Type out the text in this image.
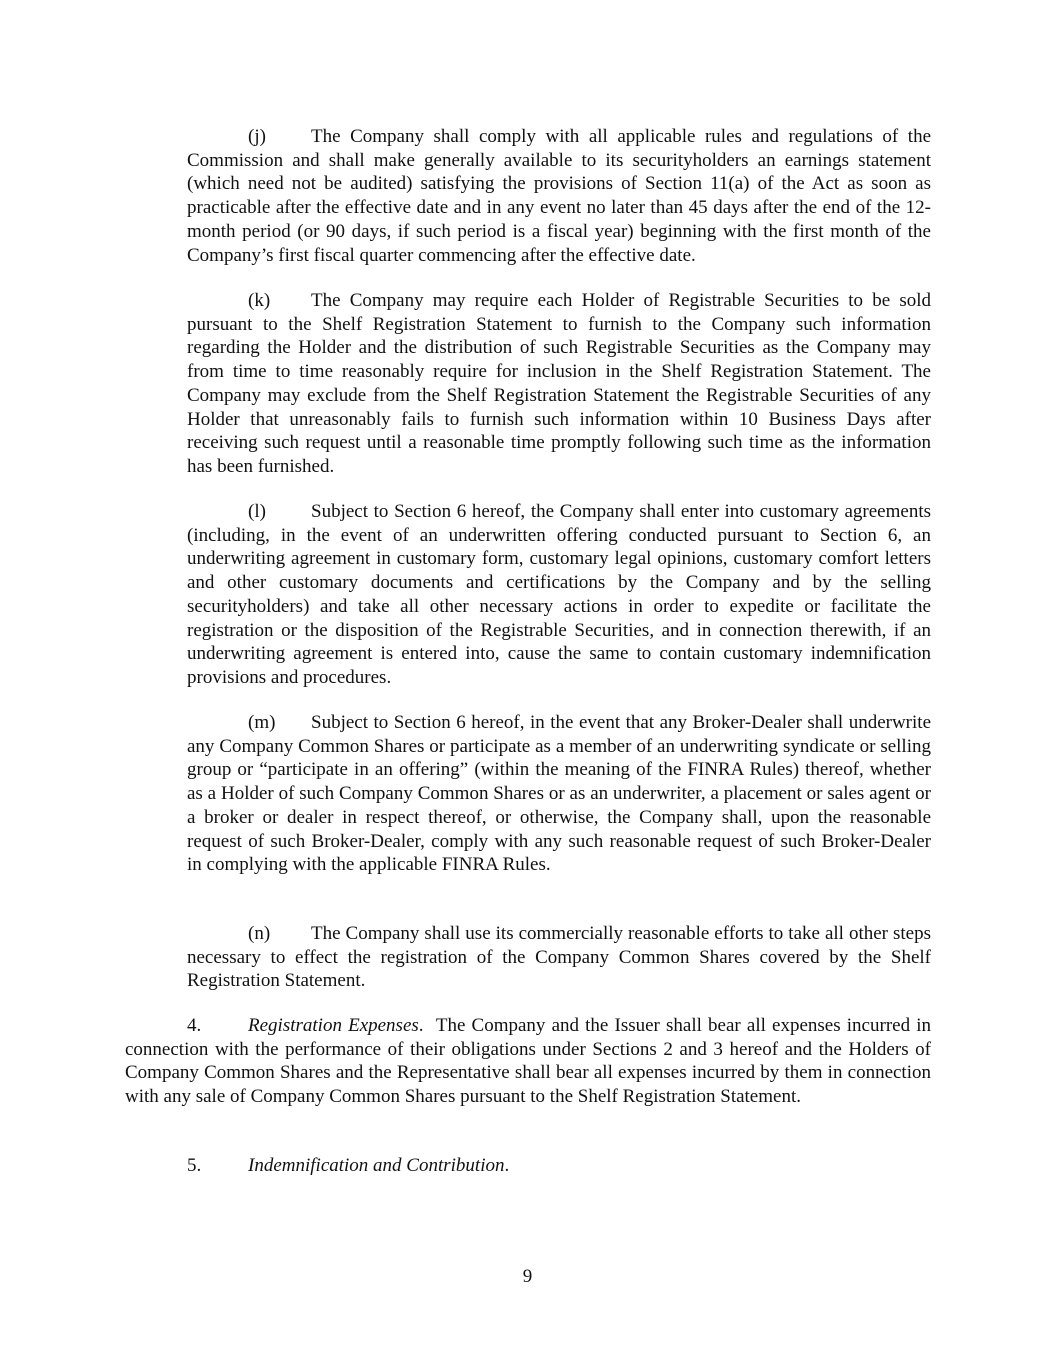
(j) The Company shall comply with all applicable rules and regulations of the Commission and shall make generally available to its securityholders an earnings statement (which need not be audited) satisfying the provisions of Section 11(a) of the Act as soon as practicable after the effective date and in any event no later than 45 days after the end of the 12-month period (or 90 days, if such period is a fiscal year) beginning with the first month of the Company’s first fiscal quarter commencing after the effective date.

(k) The Company may require each Holder of Registrable Securities to be sold pursuant to the Shelf Registration Statement to furnish to the Company such information regarding the Holder and the distribution of such Registrable Securities as the Company may from time to time reasonably require for inclusion in the Shelf Registration Statement. The Company may exclude from the Shelf Registration Statement the Registrable Securities of any Holder that unreasonably fails to furnish such information within 10 Business Days after receiving such request until a reasonable time promptly following such time as the information has been furnished.

(l) Subject to Section 6 hereof, the Company shall enter into customary agreements (including, in the event of an underwritten offering conducted pursuant to Section 6, an underwriting agreement in customary form, customary legal opinions, customary comfort letters and other customary documents and certifications by the Company and by the selling securityholders) and take all other necessary actions in order to expedite or facilitate the registration or the disposition of the Registrable Securities, and in connection therewith, if an underwriting agreement is entered into, cause the same to contain customary indemnification provisions and procedures.

(m) Subject to Section 6 hereof, in the event that any Broker-Dealer shall underwrite any Company Common Shares or participate as a member of an underwriting syndicate or selling group or “participate in an offering” (within the meaning of the FINRA Rules) thereof, whether as a Holder of such Company Common Shares or as an underwriter, a placement or sales agent or a broker or dealer in respect thereof, or otherwise, the Company shall, upon the reasonable request of such Broker-Dealer, comply with any such reasonable request of such Broker-Dealer in complying with the applicable FINRA Rules.

(n) The Company shall use its commercially reasonable efforts to take all other steps necessary to effect the registration of the Company Common Shares covered by the Shelf Registration Statement.

4. Registration Expenses. The Company and the Issuer shall bear all expenses incurred in connection with the performance of their obligations under Sections 2 and 3 hereof and the Holders of Company Common Shares and the Representative shall bear all expenses incurred by them in connection with any sale of Company Common Shares pursuant to the Shelf Registration Statement.

5. Indemnification and Contribution.

9
